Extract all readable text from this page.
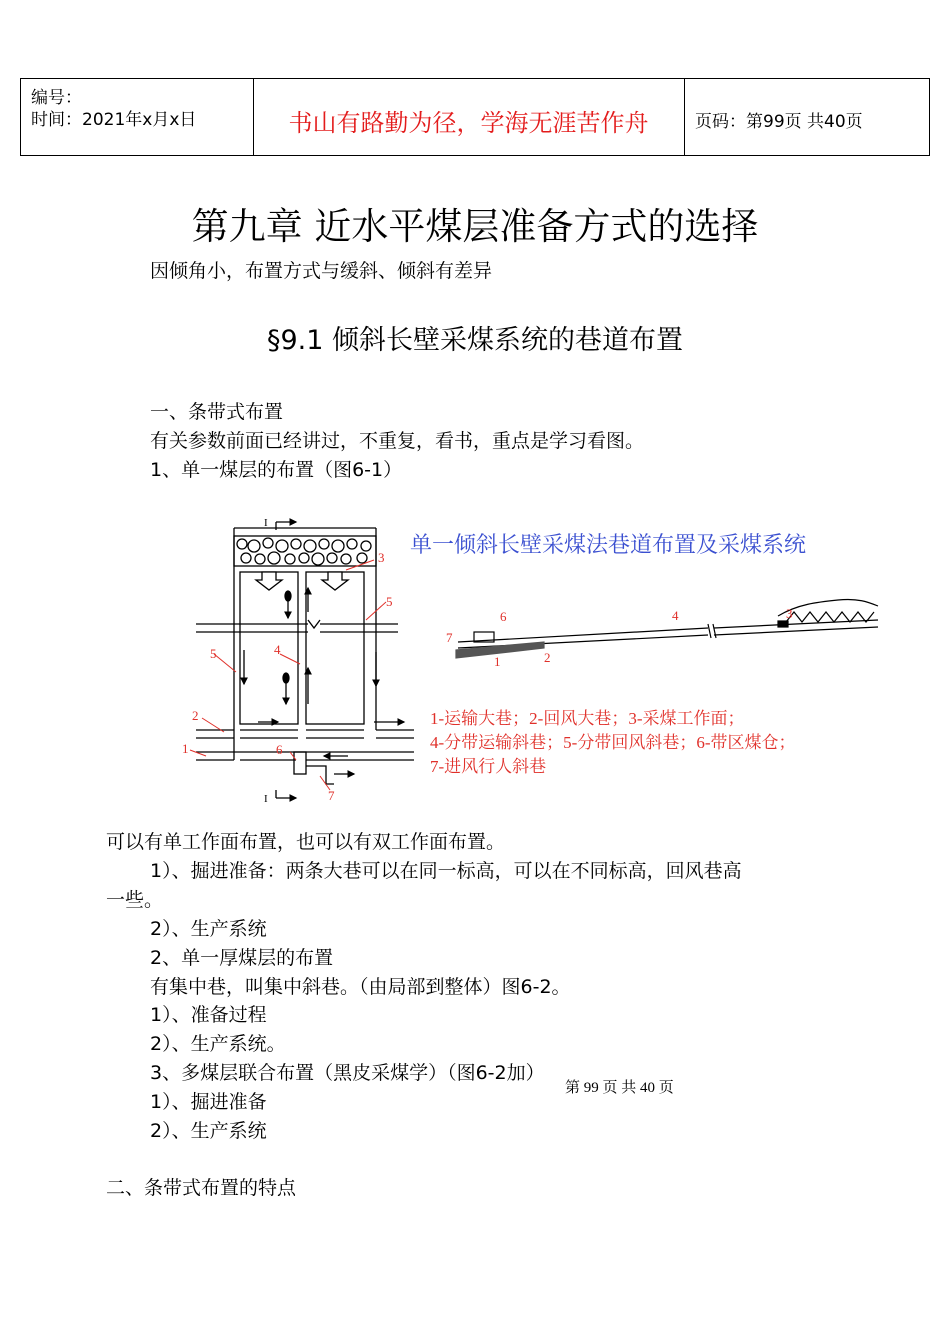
编号：
时间：2021年x月x日	书山有路勤为径，学海无涯苦作舟	页码：第99页 共40页
第九章 近水平煤层准备方式的选择
因倾角小，布置方式与缓斜、倾斜有差异
§9.1 倾斜长壁采煤系统的巷道布置
一、条带式布置
有关参数前面已经讲过，不重复，看书，重点是学习看图。
1、单一煤层的布置（图6-1）
I
I
3
5
5	4
2
1	6
7
单一倾斜长壁采煤法巷道布置及采煤系统
7
6
1	2
4	3
1-运输大巷；2-回风大巷；3-采煤工作面；
4-分带运输斜巷；5-分带回风斜巷；6-带区煤仓；
7-进风行人斜巷
可以有单工作面布置，也可以有双工作面布置。
1）、掘进准备：两条大巷可以在同一标高，可以在不同标高，回风巷高
一些。
2）、生产系统
2、单一厚煤层的布置
有集中巷，叫集中斜巷。（由局部到整体）图6-2。
1）、准备过程
2）、生产系统。
3、多煤层联合布置（黑皮采煤学）（图6-2加）
第 99 页 共 40 页
1）、掘进准备
2）、生产系统
二、条带式布置的特点
